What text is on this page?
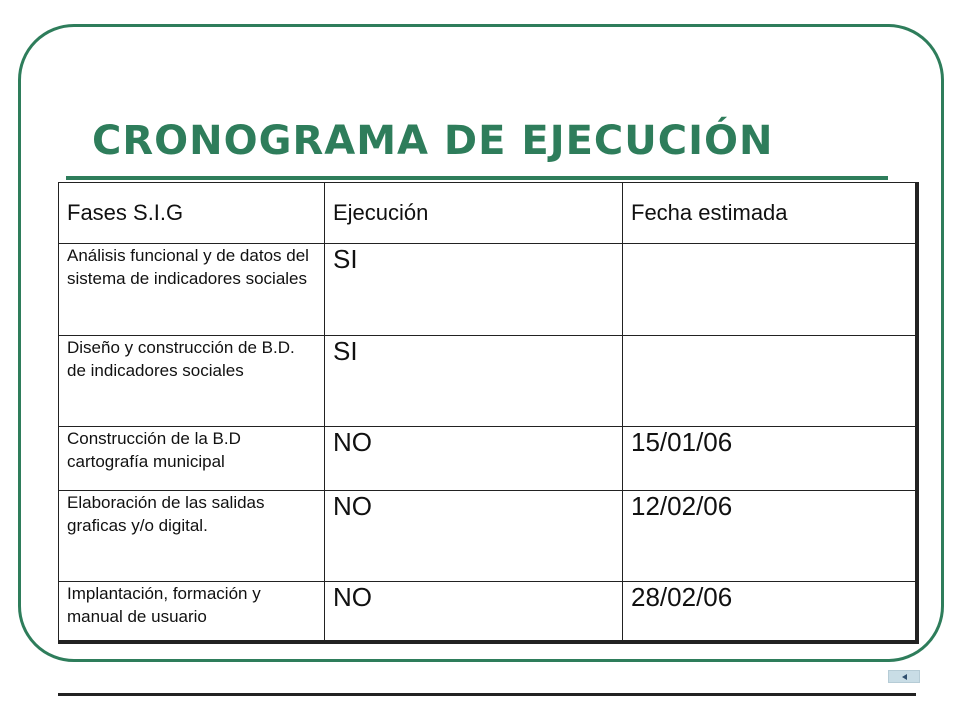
CRONOGRAMA DE EJECUCIÓN
Fases S.I.G	Ejecución	Fecha estimada
Análisis funcional y de datos del sistema de indicadores sociales	SI	
Diseño y construcción de B.D. de indicadores sociales	SI	
Construcción de la B.D cartografía municipal	NO	15/01/06
Elaboración de las salidas graficas y/o digital.	NO	12/02/06
Implantación, formación y manual de usuario	NO	28/02/06
